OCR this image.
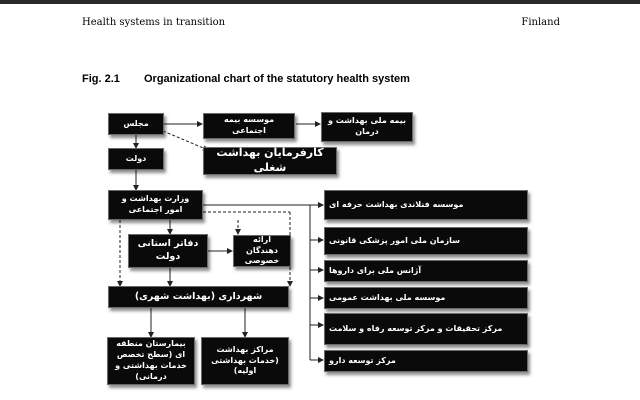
Health systems in transition	Finland
Fig. 2.1 Organizational chart of the statutory health system
مجلس
دولت
موسسه بیمه اجتماعی
بیمه ملی بهداشت و درمان
کارفرمایان بهداشت شغلی
وزارت بهداشت و امور اجتماعی
دفاتر استانی دولت
ارائه دهندگان خصوصی
شهرداری (بهداشت شهری)
بیمارستان منطقه ای (سطح تخصص خدمات بهداشتی و درمانی)
مراکز بهداشت (خدمات بهداشتی اولیه)
موسسه فنلاندی بهداشت حرفه ای
سازمان ملی امور پزشکی قانونی
آژانس ملی برای داروها
موسسه ملی بهداشت عمومی
مرکز تحقیقات و مرکز توسعه رفاه و سلامت
مرکز توسعه دارو
